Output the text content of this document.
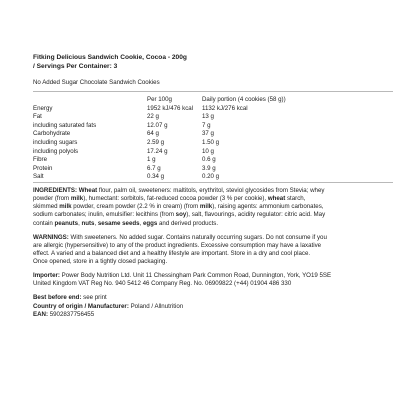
Fitking Delicious Sandwich Cookie, Cocoa - 200g
/ Servings Per Container: 3
No Added Sugar Chocolate Sandwich Cookies
	Per 100g	Daily portion (4 cookies (58 g))
Energy	1952 kJ/476 kcal	1132 kJ/276 kcal
Fat	22 g	13 g
including saturated fats	12.07 g	7 g
Carbohydrate	64 g	37 g
including sugars	2.59 g	1.50 g
including polyols	17.24 g	10 g
Fibre	1 g	0.6 g
Protein	6.7 g	3.9 g
Salt	0.34 g	0.20 g
INGREDIENTS: Wheat flour, palm oil, sweeteners: maltitols, erythritol, steviol glycosides from Stevia; whey
powder (from milk), humectant: sorbitols, fat-reduced cocoa powder (3 % per cookie), wheat starch,
skimmed milk powder, cream powder (2.2 % in cream) (from milk), raising agents: ammonium carbonates,
sodium carbonates; inulin, emulsifier: lecithins (from soy), salt, flavourings, acidity regulator: citric acid. May
contain peanuts, nuts, sesame seeds, eggs and derived products.
WARNINGS: With sweeteners. No added sugar. Contains naturally occurring sugars. Do not consume if you
are allergic (hypersensitive) to any of the product ingredients. Excessive consumption may have a laxative
effect. A varied and a balanced diet and a healthy lifestyle are important. Store in a dry and cool place.
Once opened, store in a tightly closed packaging.
Importer: Power Body Nutrition Ltd. Unit 11 Chessingham Park Common Road, Dunnington, York, YO19 5SE
United Kingdom VAT Reg No. 940 5412 46 Company Reg. No. 06909822 (+44) 01904 486 330
Best before end: see print
Country of origin / Manufacturer: Poland / Allnutrition
EAN: 5902837756455
